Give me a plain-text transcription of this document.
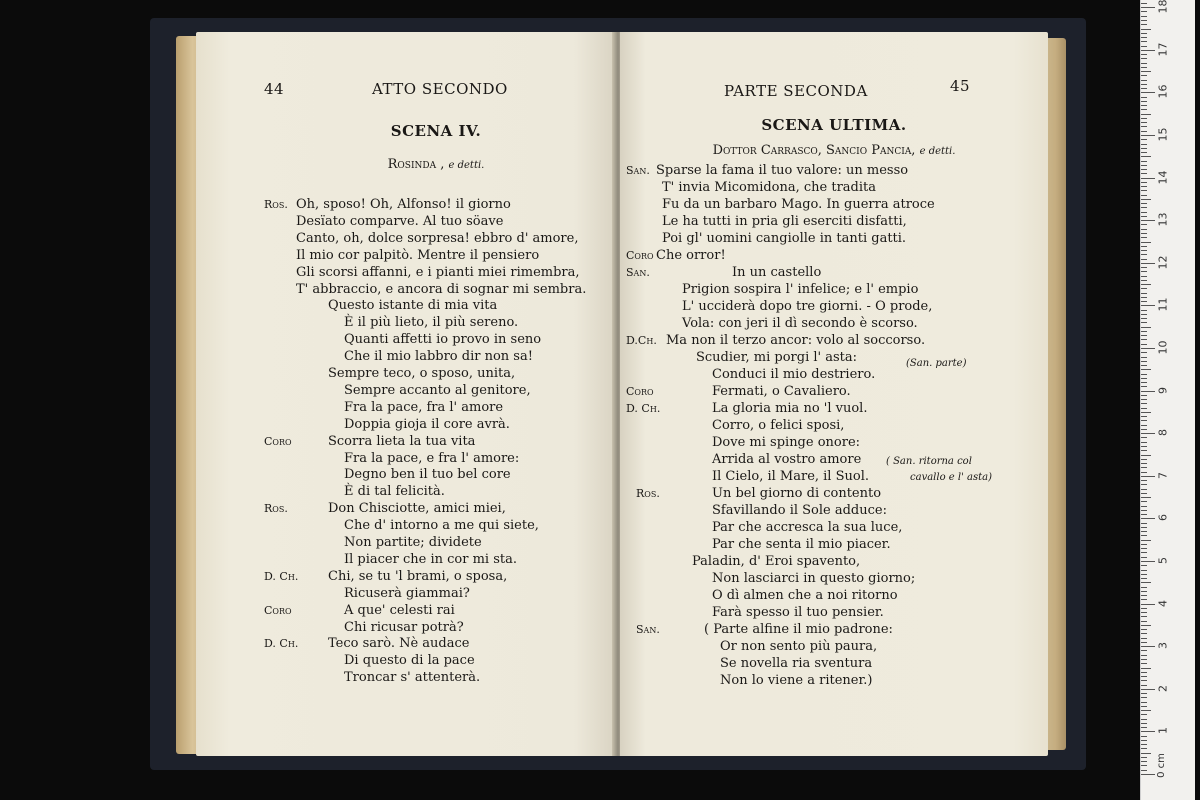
44	ATTO SECONDO
SCENA IV.
Rosinda , e detti.
Ros. Oh, sposo! Oh, Alfonso! il giorno
Desïato comparve. Al tuo söave
Canto, oh, dolce sorpresa! ebbro d' amore,
Il mio cor palpitò. Mentre il pensiero
Gli scorsi affanni, e i pianti miei rimembra,
T' abbraccio, e ancora di sognar mi sembra.
Questo istante di mia vita
È il più lieto, il più sereno.
Quanti affetti io provo in seno
Che il mio labbro dir non sa!
Sempre teco, o sposo, unita,
Sempre accanto al genitore,
Fra la pace, fra l' amore
Doppia gioja il core avrà.
Coro	Scorra lieta la tua vita
Fra la pace, e fra l' amore:
Degno ben il tuo bel core
È di tal felicità.
Ros.	Don Chisciotte, amici miei,
Che d' intorno a me qui siete,
Non partite; dividete
Il piacer che in cor mi sta.
D. Ch. Chi, se tu 'l brami, o sposa,
Ricuserà giammai?
Coro	A que' celesti rai
Chi ricusar potrà?
D. Ch. Teco sarò. Nè audace
Di questo di la pace
Troncar s' attenterà.
PARTE SECONDA	45
SCENA ULTIMA.
Dottor Carrasco, Sancio Pancia, e detti.
San. Sparse la fama il tuo valore: un messo
T' invia Micomidona, che tradita
Fu da un barbaro Mago. In guerra atroce
Le ha tutti in pria gli eserciti disfatti,
Poi gl' uomini cangiolle in tanti gatti.
Coro Che orror!
San.	In un castello
Prigion sospira l' infelice; e l' empio
L' ucciderà dopo tre giorni. - O prode,
Vola: con jeri il dì secondo è scorso.
D.Ch. Ma non il terzo ancor: volo al soccorso.
Scudier, mi porgi l' asta:
Conduci il mio destriero.
Coro	Fermati, o Cavaliero.
D. Ch.	La gloria mia no 'l vuol.
Corro, o felici sposi,
Dove mi spinge onore:
Arrida al vostro amore
Il Cielo, il Mare, il Suol.
Ros.	Un bel giorno di contento
Sfavillando il Sole adduce:
Par che accresca la sua luce,
Par che senta il mio piacer.
Paladin, d' Eroi spavento,
Non lasciarci in questo giorno;
O dì almen che a noi ritorno
Farà spesso il tuo pensier.
San.	( Parte alfine il mio padrone:
Or non sento più paura,
Se novella ria sventura
Non lo viene a ritener.)
(San. parte)
( San. ritorna col
cavallo e l' asta)
1
2
3
4
5
6
7
8
9
10
11
12
13
14
15
16
17
18
0 cm
